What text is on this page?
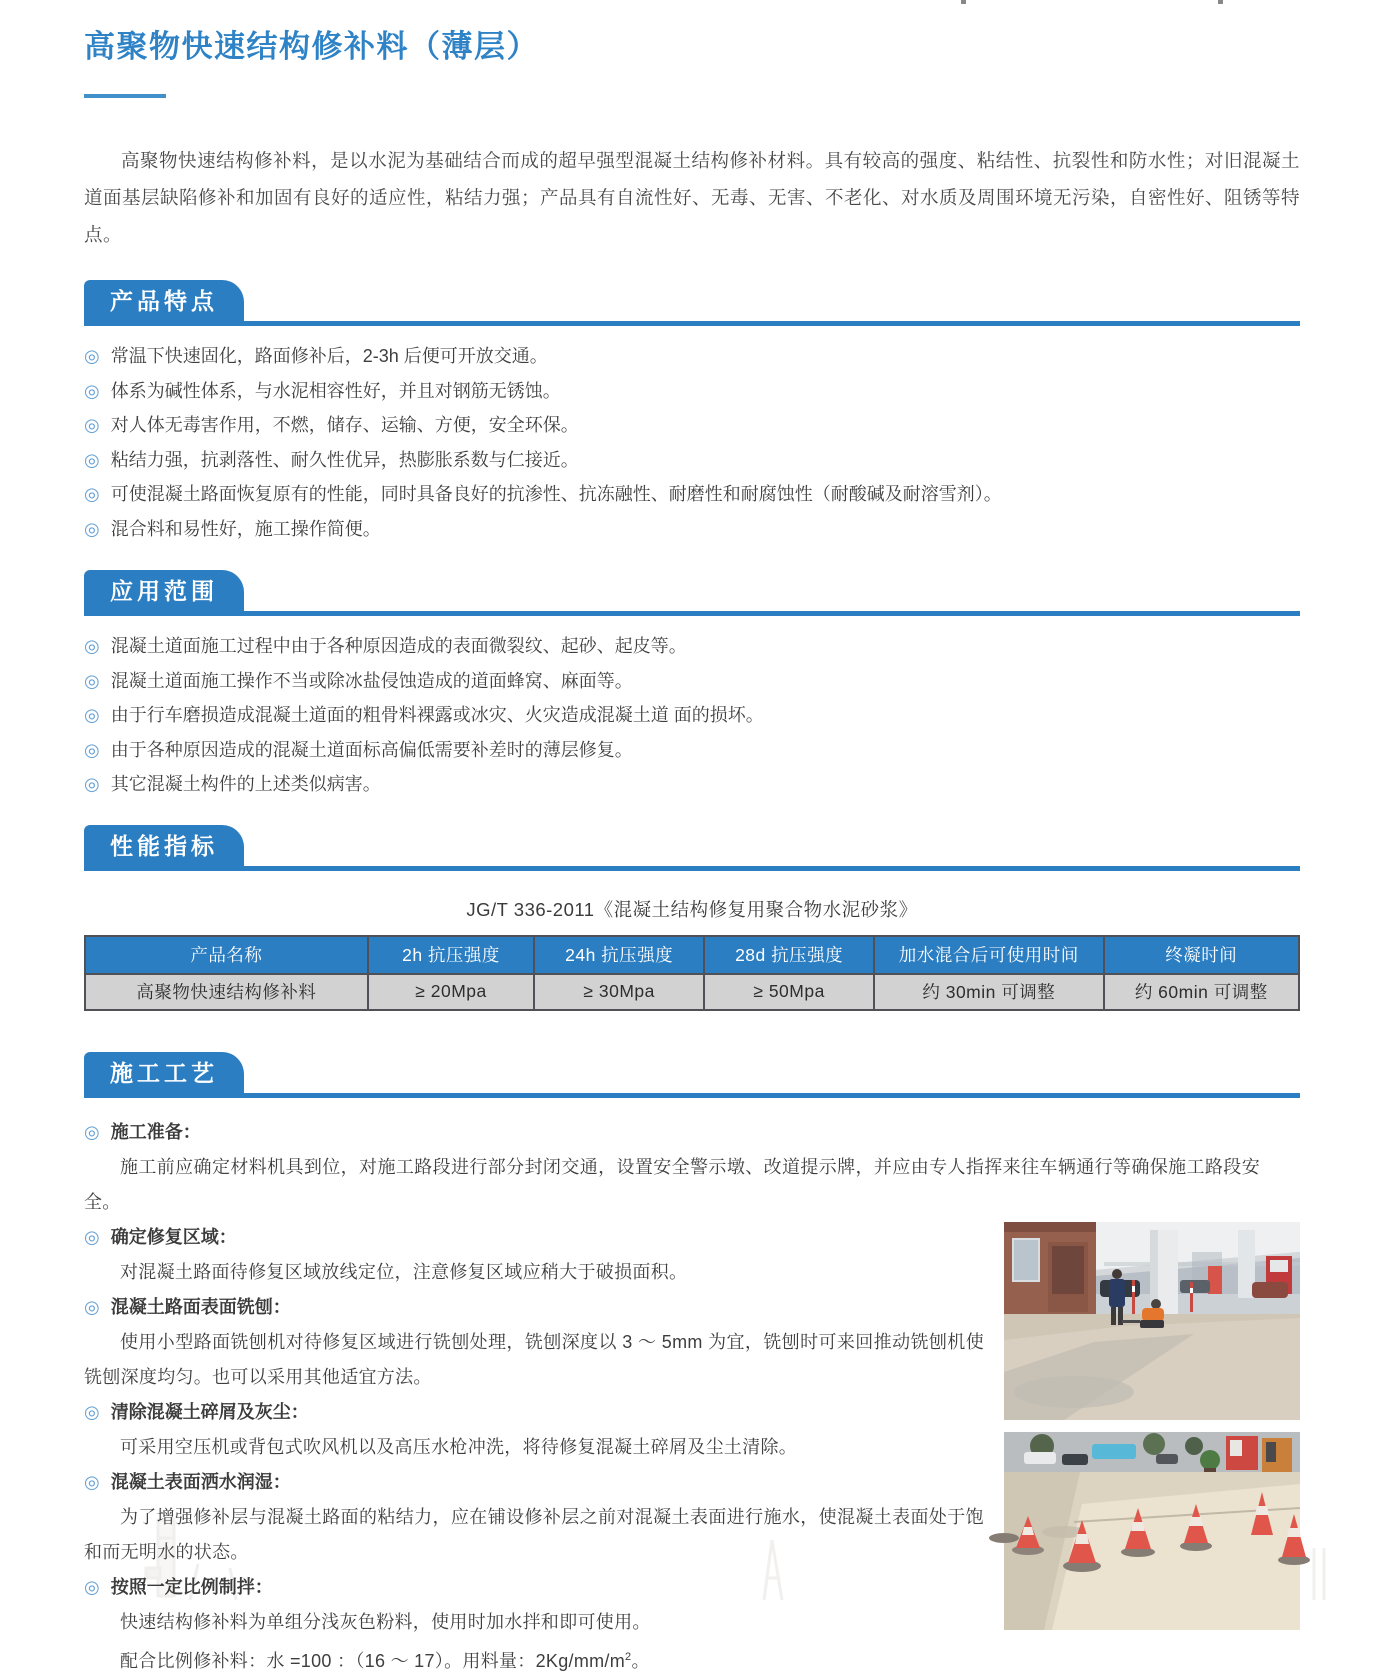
高聚物快速结构修补料（薄层）

高聚物快速结构修补料，是以水泥为基础结合而成的超早强型混凝土结构修补材料。具有较高的强度、粘结性、抗裂性和防水性；对旧混凝土道面基层缺陷修补和加固有良好的适应性，粘结力强；产品具有自流性好、无毒、无害、不老化、对水质及周围环境无污染，自密性好、阻锈等特点。

产品特点
◎ 常温下快速固化，路面修补后，2-3h 后便可开放交通。
◎ 体系为碱性体系，与水泥相容性好，并且对钢筋无锈蚀。
◎ 对人体无毒害作用，不燃，储存、运输、方便，安全环保。
◎ 粘结力强，抗剥落性、耐久性优异，热膨胀系数与仁接近。
◎ 可使混凝土路面恢复原有的性能，同时具备良好的抗渗性、抗冻融性、耐磨性和耐腐蚀性（耐酸碱及耐溶雪剂）。
◎ 混合料和易性好，施工操作简便。
应用范围
◎ 混凝土道面施工过程中由于各种原因造成的表面微裂纹、起砂、起皮等。
◎ 混凝土道面施工操作不当或除冰盐侵蚀造成的道面蜂窝、麻面等。
◎ 由于行车磨损造成混凝土道面的粗骨料裸露或冰灾、火灾造成混凝土道 面的损坏。
◎ 由于各种原因造成的混凝土道面标高偏低需要补差时的薄层修复。
◎ 其它混凝土构件的上述类似病害。
性能指标

JG/T 336-2011《混凝土结构修复用聚合物水泥砂浆》

产品名称	2h 抗压强度	24h 抗压强度	28d 抗压强度	加水混合后可使用时间	终凝时间
高聚物快速结构修补料	≥ 20Mpa	≥ 30Mpa	≥ 50Mpa	约 30min 可调整	约 60min 可调整
施工工艺
◎ 施工准备：

施工前应确定材料机具到位，对施工路段进行部分封闭交通，设置安全警示墩、改道提示牌，并应由专人指挥来往车辆通行等确保施工路段安全。

◎ 确定修复区域：

对混凝土路面待修复区域放线定位，注意修复区域应稍大于破损面积。

◎ 混凝土路面表面铣刨：

使用小型路面铣刨机对待修复区域进行铣刨处理，铣刨深度以 3 ～ 5mm 为宜，铣刨时可来回推动铣刨机使铣刨深度均匀。也可以采用其他适宜方法。

◎ 清除混凝土碎屑及灰尘：

可采用空压机或背包式吹风机以及高压水枪冲洗，将待修复混凝土碎屑及尘土清除。

◎ 混凝土表面洒水润湿：

为了增强修补层与混凝土路面的粘结力，应在铺设修补层之前对混凝土表面进行施水，使混凝土表面处于饱和而无明水的状态。

◎ 按照一定比例制拌：

快速结构修补料为单组分浅灰色粉料，使用时加水拌和即可使用。

配合比例修补料：水 =100 ：（16 ～ 17）。用料量：$2Kg/mm/m^2$。
